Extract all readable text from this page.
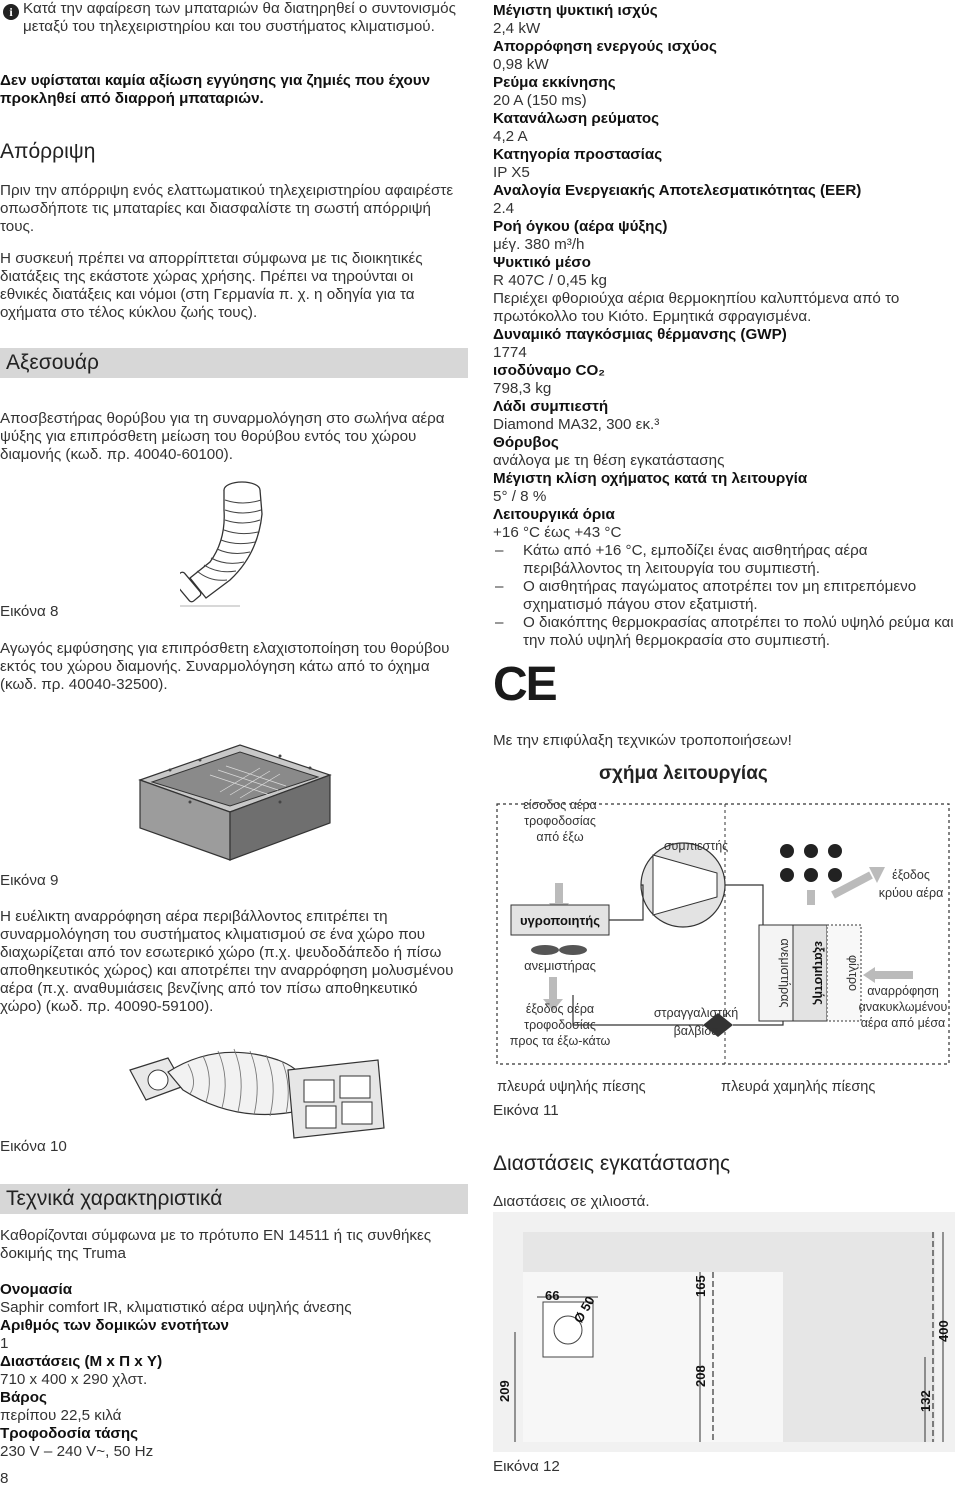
i Κατά την αφαίρεση των μπαταριών θα διατηρηθεί ο συντονισμός μεταξύ του τηλεχειριστηρίου και του συστήματος κλιματισμού.

Δεν υφίσταται καμία αξίωση εγγύησης για ζημιές που έχουν προκληθεί από διαρροή μπαταριών.

Απόρριψη

Πριν την απόρριψη ενός ελαττωματικού τηλεχειριστηρίου αφαιρέστε οπωσδήποτε τις μπαταρίες και διασφαλίστε τη σωστή απόρριψή τους.

Η συσκευή πρέπει να απορρίπτεται σύμφωνα με τις διοικητικές διατάξεις της εκάστοτε χώρας χρήσης. Πρέπει να τηρούνται οι εθνικές διατάξεις και νόμοι (στη Γερμανία π. χ. η οδηγία για τα οχήματα στο τέλος κύκλου ζωής τους).

Αξεσουάρ

Αποσβεστήρας θορύβου για τη συναρμολόγηση στο σωλήνα αέρα ψύξης για επιπρόσθετη μείωση του θορύβου εντός του χώρου διαμονής (κωδ. πρ. 40040-60100).

Εικόνα 8

Αγωγός εμφύσησης για επιπρόσθετη ελαχιστοποίηση του θορύβου εκτός του χώρου διαμονής. Συναρμολόγηση κάτω από το όχημα (κωδ. πρ. 40040-32500).

Εικόνα 9

Η ευέλικτη αναρρόφηση αέρα περιβάλλοντος επιτρέπει τη συναρμολόγηση του συστήματος κλιματισμού σε ένα χώρο που διαχωρίζεται από τον εσωτερικό χώρο (π.χ. ψευδοδάπεδο ή πίσω αποθηκευτικός χώρος) και αποτρέπει την αναρρόφηση μολυσμένου αέρα (π.χ. αναθυμιάσεις βενζίνης από τον πίσω αποθηκευτικό χώρο) (κωδ. πρ. 40090-59100).

Εικόνα 10
Τεχνικά χαρακτηριστικά

Καθορίζονται σύμφωνα με το πρότυπο EN 14511 ή τις συνθήκες δοκιμής της Truma

Ονομασία
Saphir comfort IR, κλιματιστικό αέρα υψηλής άνεσης
Αριθμός των δομικών ενοτήτων
1
Διαστάσεις (Μ x Π x Υ)
710 x 400 x 290 χλστ.
Βάρος
περίπου 22,5 κιλά
Τροφοδοσία τάσης
230 V – 240 V~, 50 Hz
8
Μέγιστη ψυκτική ισχύς
2,4 kW
Απορρόφηση ενεργούς ισχύος
0,98 kW
Ρεύμα εκκίνησης
20 A (150 ms)
Κατανάλωση ρεύματος
4,2 A
Κατηγορία προστασίας
IP X5
Αναλογία Ενεργειακής Αποτελεσματικότητας (EER)
2.4
Ροή όγκου (αέρα ψύξης)
μέγ. 380 m³/h
Ψυκτικό μέσο
R 407C / 0,45 kg
Περιέχει φθοριούχα αέρια θερμοκηπίου καλυπτόμενα από το πρωτόκολλο του Κιότο. Ερμητικά σφραγισμένα.
Δυναμικό παγκόσμιας θέρμανσης (GWP)
1774
ισοδύναμο CO₂
798,3 kg
Λάδι συμπιεστή
Diamond MA32, 300 εκ.³
Θόρυβος
ανάλογα με τη θέση εγκατάστασης
Μέγιστη κλίση οχήματος κατά τη λειτουργία
5° / 8 %
Λειτουργικά όρια
+16 °C έως +43 °C
– Κάτω από +16 °C, εμποδίζει ένας αισθητήρας αέρα περιβάλλοντος τη λειτουργία του συμπιεστή.
– Ο αισθητήρας παγώματος αποτρέπει τον μη επιτρεπόμενο σχηματισμό πάγου στον εξατμιστή.
– Ο διακόπτης θερμοκρασίας αποτρέπει το πολύ υψηλό ρεύμα και την πολύ υψηλή θερμοκρασία στο συμπιεστή.
CE

Με την επιφύλαξη τεχνικών τροποποιήσεων!

σχήμα λειτουργίας
υγροποιητής
ανεμιστήρας
είσοδος αέρα
τροφοδοσίας
από έξω
έξοδος αέρα
τροφοδοσίας
προς τα έξω-κάτω
συμπιεστής
στραγγαλιστική
βαλβίδα
ανεμιστήρας εξατμιστής φίλτρο
έξοδος
κρύου αέρα
αναρρόφηση
ανακυκλωμένου
αέρα από μέσα
πλευρά υψηλής πίεσης	πλευρά χαμηλής πίεσης
Εικόνα 11
Διαστάσεις εγκατάστασης

Διαστάσεις σε χιλιοστά.

66 Ø 50
165
400
209
208
132
Εικόνα 12
